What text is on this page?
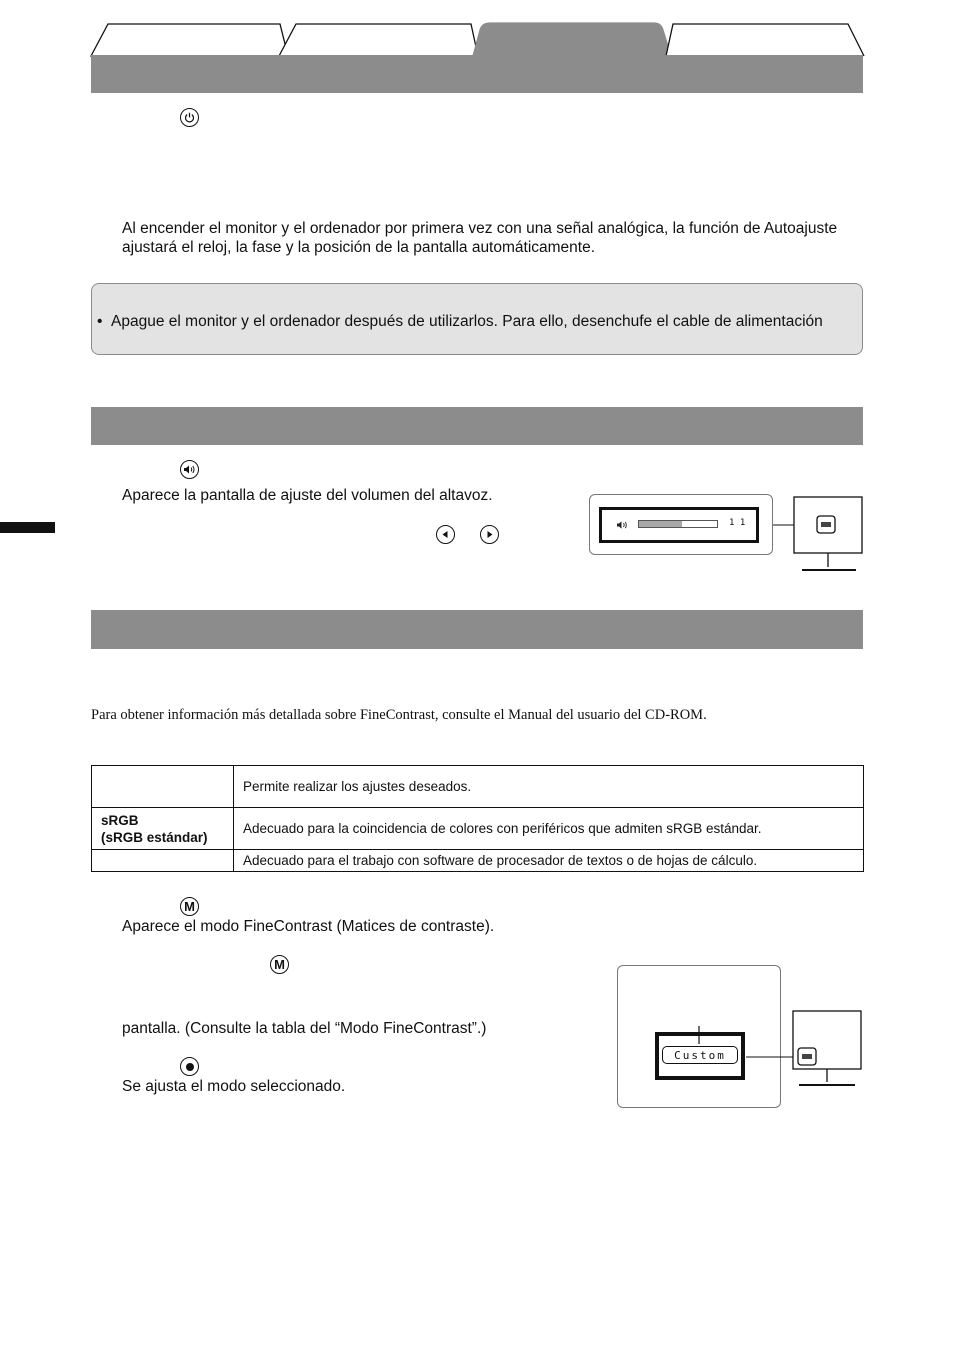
Al encender el monitor y el ordenador por primera vez con una señal analógica, la función de Autoajuste ajustará el reloj, la fase y la posición de la pantalla automáticamente.
•  Apague el monitor y el ordenador después de utilizarlos. Para ello, desenchufe el cable de alimentación
Aparece la pantalla de ajuste del volumen del altavoz.
1 1
Para obtener información más detallada sobre FineContrast, consulte el Manual del usuario del CD-ROM.
	Permite realizar los ajustes deseados.

sRGB
(sRGB estándar)	Adecuado para la coincidencia de colores con periféricos que admiten sRGB estándar.
	Adecuado para el trabajo con software de procesador de textos o de hojas de cálculo.
M
Aparece el modo FineContrast (Matices de contraste).
M
pantalla. (Consulte la tabla del “Modo FineContrast”.)
Se ajusta el modo seleccionado.
Custom
